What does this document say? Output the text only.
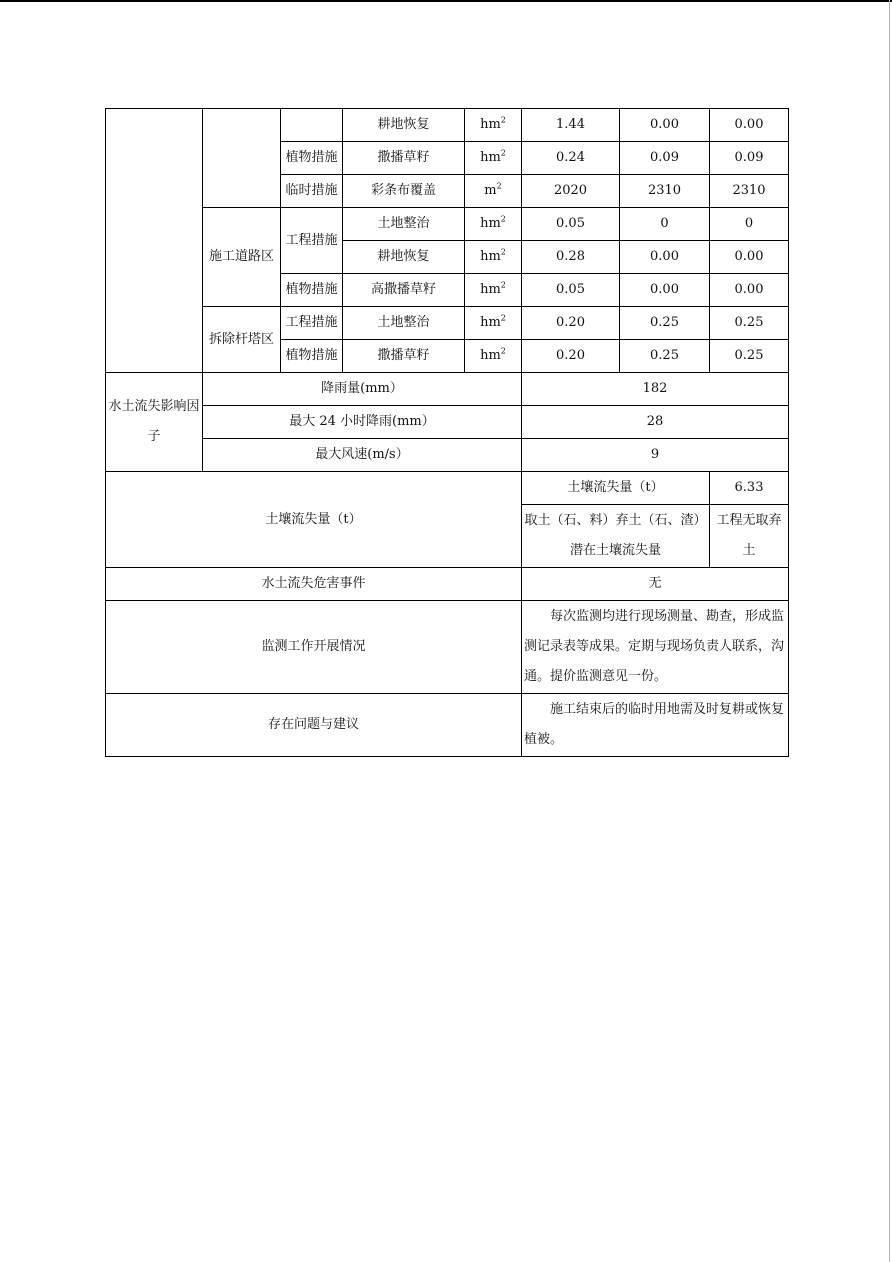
			耕地恢复	$hm^2$	1.44	0.00	0.00
		植物措施	撒播草籽	$hm^2$	0.24	0.09	0.09
		临时措施	彩条布覆盖	$m^2$	2020	2310	2310
	施工道路区	工程措施	土地整治	$hm^2$	0.05	0	0
			耕地恢复	$hm^2$	0.28	0.00	0.00
		植物措施	高撒播草籽	$hm^2$	0.05	0.00	0.00
	拆除杆塔区	工程措施	土地整治	$hm^2$	0.20	0.25	0.25
		植物措施	撒播草籽	$hm^2$	0.20	0.25	0.25
水土流失影响因子	降雨量(mm）				182		
	最大 24 小时降雨(mm）				28		
	最大风速(m/s）				9		
土壤流失量（t）					土壤流失量（t）		6.33
					取土（石、料）弃土（石、渣）潜在土壤流失量		工程无取弃土
水土流失危害事件					无		
监测工作开展情况					每次监测均进行现场测量、勘查，形成监测记录表等成果。定期与现场负责人联系，沟通。提价监测意见一份。		
存在问题与建议					施工结束后的临时用地需及时复耕或恢复植被。		
